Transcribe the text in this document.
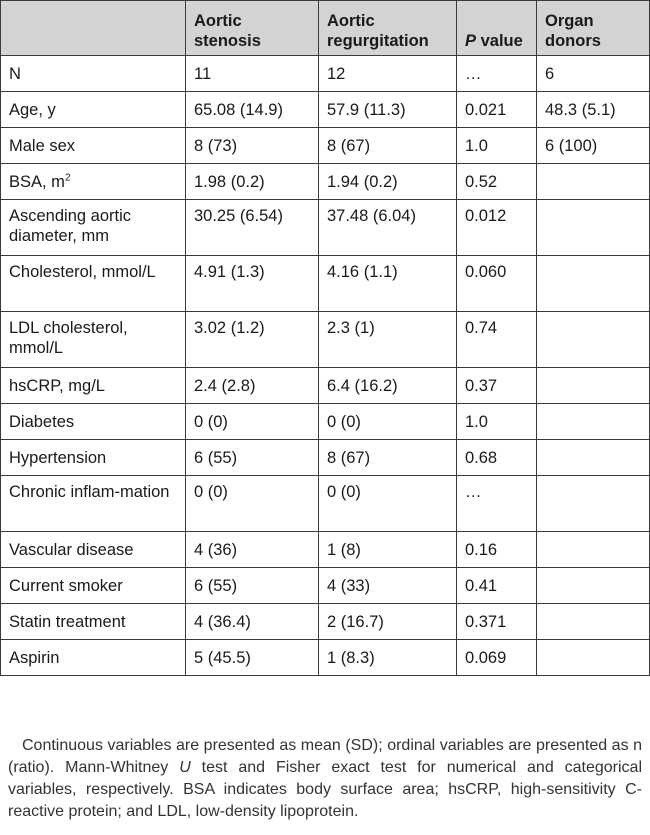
	Aortic stenosis	Aortic regurgitation	P value	Organ donors
N	11	12	…	6
Age, y	65.08 (14.9)	57.9 (11.3)	0.021	48.3 (5.1)
Male sex	8 (73)	8 (67)	1.0	6 (100)
BSA, $m^2$	1.98 (0.2)	1.94 (0.2)	0.52	
Ascending aortic diameter, mm	30.25 (6.54)	37.48 (6.04)	0.012	
Cholesterol, mmol/L	4.91 (1.3)	4.16 (1.1)	0.060	
LDL cholesterol, mmol/L	3.02 (1.2)	2.3 (1)	0.74	
hsCRP, mg/L	2.4 (2.8)	6.4 (16.2)	0.37	
Diabetes	0 (0)	0 (0)	1.0	
Hypertension	6 (55)	8 (67)	0.68	
Chronic inflam-mation	0 (0)	0 (0)	…	
Vascular disease	4 (36)	1 (8)	0.16	
Current smoker	6 (55)	4 (33)	0.41	
Statin treatment	4 (36.4)	2 (16.7)	0.371	
Aspirin	5 (45.5)	1 (8.3)	0.069	
Continuous variables are presented as mean (SD); ordinal variables are presented as n (ratio). Mann-Whitney U test and Fisher exact test for numerical and categorical variables, respectively. BSA indicates body surface area; hsCRP, high-sensitivity C-reactive protein; and LDL, low-density lipoprotein.
